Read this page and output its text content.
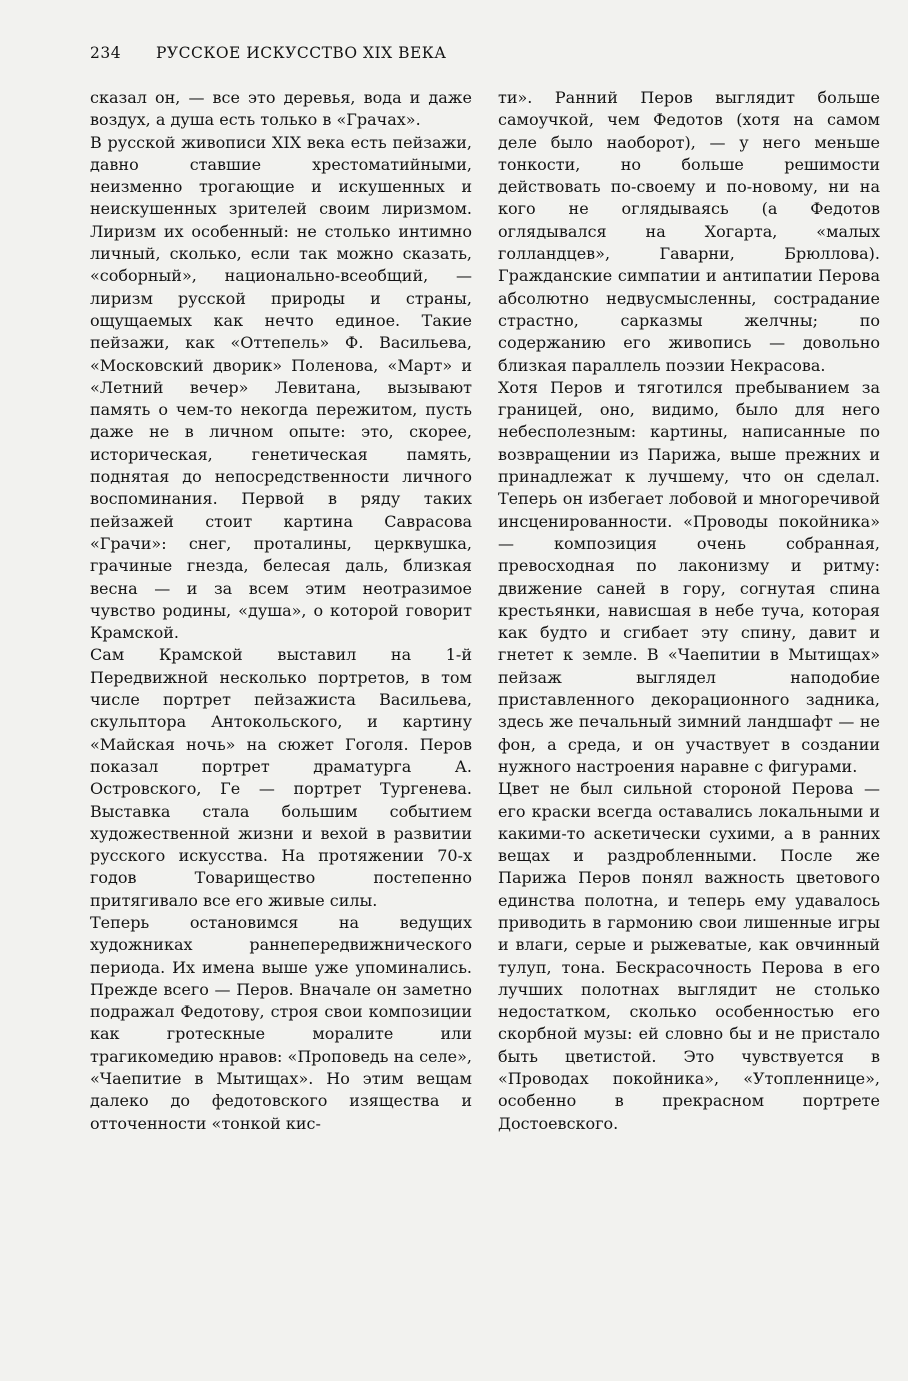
234 РУССКОЕ ИСКУССТВО XIX ВЕКА

сказал он, — все это деревья, вода и даже воздух, а душа есть только в «Грачах».

В русской живописи XIX века есть пейзажи, давно ставшие хрестоматийными, неизменно трогающие и искушенных и неискушенных зрителей своим лиризмом. Лиризм их особенный: не столько интимно личный, сколько, если так можно сказать, «соборный», национально-всеобщий, — лиризм русской природы и страны, ощущаемых как нечто единое. Такие пейзажи, как «Оттепель» Ф. Васильева, «Московский дворик» Поленова, «Март» и «Летний вечер» Левитана, вызывают память о чем-то некогда пережитом, пусть даже не в личном опыте: это, скорее, историческая, генетическая память, поднятая до непосредственности личного воспоминания. Первой в ряду таких пейзажей стоит картина Саврасова «Грачи»: снег, проталины, церквушка, грачиные гнезда, белесая даль, близкая весна — и за всем этим неотразимое чувство родины, «душа», о которой говорит Крамской.

Сам Крамской выставил на 1-й Передвижной несколько портретов, в том числе портрет пейзажиста Васильева, скульптора Антокольского, и картину «Майская ночь» на сюжет Гоголя. Перов показал портрет драматурга А. Островского, Ге — портрет Тургенева. Выставка стала большим событием художественной жизни и вехой в развитии русского искусства. На протяжении 70-х годов Товарищество постепенно притягивало все его живые силы.

Теперь остановимся на ведущих художниках раннепередвижнического периода. Их имена выше уже упоминались. Прежде всего — Перов. Вначале он заметно подражал Федотову, строя свои композиции как гротескные моралите или трагикомедию нравов: «Проповедь на селе», «Чаепитие в Мытищах». Но этим вещам далеко до федотовского изящества и отточенности «тонкой кис-

ти». Ранний Перов выглядит больше самоучкой, чем Федотов (хотя на самом деле было наоборот), — у него меньше тонкости, но больше решимости действовать по-своему и по-новому, ни на кого не оглядываясь (а Федотов оглядывался на Хогарта, «малых голландцев», Гаварни, Брюллова). Гражданские симпатии и антипатии Перова абсолютно недвусмысленны, сострадание страстно, сарказмы желчны; по содержанию его живопись — довольно близкая параллель поэзии Некрасова.

Хотя Перов и тяготился пребыванием за границей, оно, видимо, было для него небесполезным: картины, написанные по возвращении из Парижа, выше прежних и принадлежат к лучшему, что он сделал. Теперь он избегает лобовой и многоречивой инсценированности. «Проводы покойника» — композиция очень собранная, превосходная по лаконизму и ритму: движение саней в гору, согнутая спина крестьянки, нависшая в небе туча, которая как будто и сгибает эту спину, давит и гнетет к земле. В «Чаепитии в Мытищах» пейзаж выглядел наподобие приставленного декорационного задника, здесь же печальный зимний ландшафт — не фон, а среда, и он участвует в создании нужного настроения наравне с фигурами.

Цвет не был сильной стороной Перова — его краски всегда оставались локальными и какими-то аскетически сухими, а в ранних вещах и раздробленными. После же Парижа Перов понял важность цветового единства полотна, и теперь ему удавалось приводить в гармонию свои лишенные игры и влаги, серые и рыжеватые, как овчинный тулуп, тона. Бескрасочность Перова в его лучших полотнах выглядит не столько недостатком, сколько особенностью его скорбной музы: ей словно бы и не пристало быть цветистой. Это чувствуется в «Проводах покойника», «Утопленнице», особенно в прекрасном портрете Достоевского.
